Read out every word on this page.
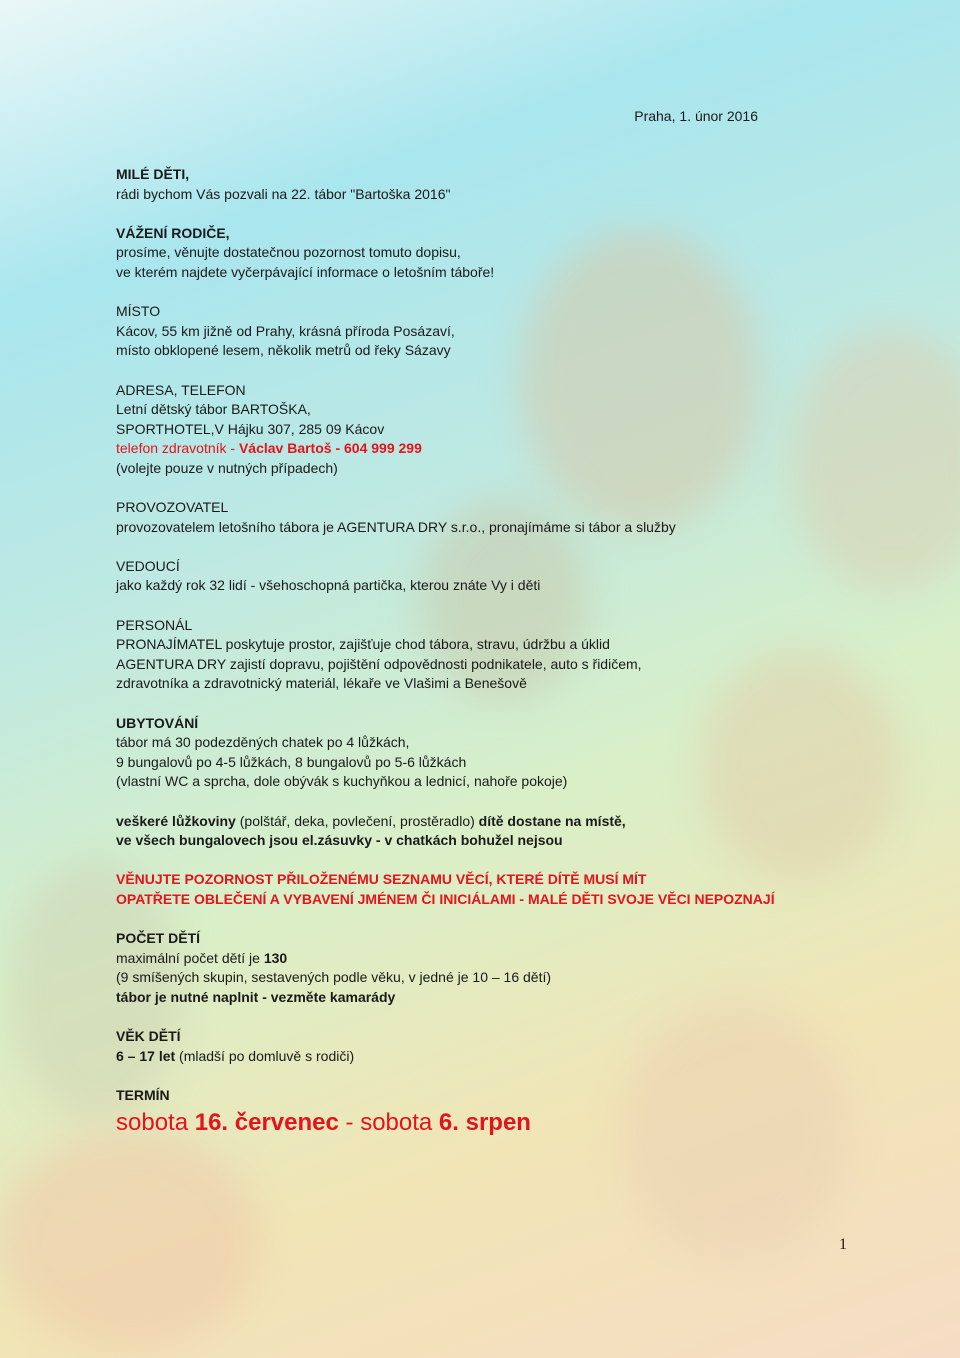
Praha, 1. únor 2016

MILÉ DĚTI,

rádi bychom Vás pozvali na 22. tábor "Bartoška 2016"

VÁŽENÍ RODIČE,

prosíme, věnujte dostatečnou pozornost tomuto dopisu,

ve kterém najdete vyčerpávající informace o letošním táboře!

MÍSTO

Kácov, 55 km jižně od Prahy, krásná příroda Posázaví,

místo obklopené lesem, několik metrů od řeky Sázavy

ADRESA, TELEFON

Letní dětský tábor BARTOŠKA,

SPORTHOTEL,V Hájku 307, 285 09 Kácov

telefon zdravotník - Václav Bartoš - 604 999 299

(volejte pouze v nutných případech)

PROVOZOVATEL

provozovatelem letošního tábora je AGENTURA DRY s.r.o., pronajímáme si tábor a služby

VEDOUCÍ

jako každý rok 32 lidí - všehoschopná partička, kterou znáte Vy i děti

PERSONÁL

PRONAJÍMATEL poskytuje prostor, zajišťuje chod tábora, stravu, údržbu a úklid

AGENTURA DRY zajistí dopravu, pojištění odpovědnosti podnikatele, auto s řidičem,

zdravotníka a zdravotnický materiál, lékaře ve Vlašimi a Benešově

UBYTOVÁNÍ

tábor má 30 podezděných chatek po 4 lůžkách,

9 bungalovů po 4-5 lůžkách, 8 bungalovů po 5-6 lůžkách

(vlastní WC a sprcha, dole obývák s kuchyňkou a lednicí, nahoře pokoje)

veškeré lůžkoviny (polštář, deka, povlečení, prostěradlo) dítě dostane na místě,

ve všech bungalovech jsou el.zásuvky - v chatkách bohužel nejsou

VĚNUJTE POZORNOST PŘILOŽENÉMU SEZNAMU VĚCÍ, KTERÉ DÍTĚ MUSÍ MÍT

OPATŘETE OBLEČENÍ A VYBAVENÍ JMÉNEM ČI INICIÁLAMI - MALÉ DĚTI SVOJE VĚCI NEPOZNAJÍ

POČET DĚTÍ

maximální počet dětí je 130

(9 smíšených skupin, sestavených podle věku, v jedné je 10 – 16 dětí)

tábor je nutné naplnit - vezměte kamarády

VĚK DĚTÍ

6 – 17 let (mladší po domluvě s rodiči)

TERMÍN

sobota 16. červenec - sobota 6. srpen

1
